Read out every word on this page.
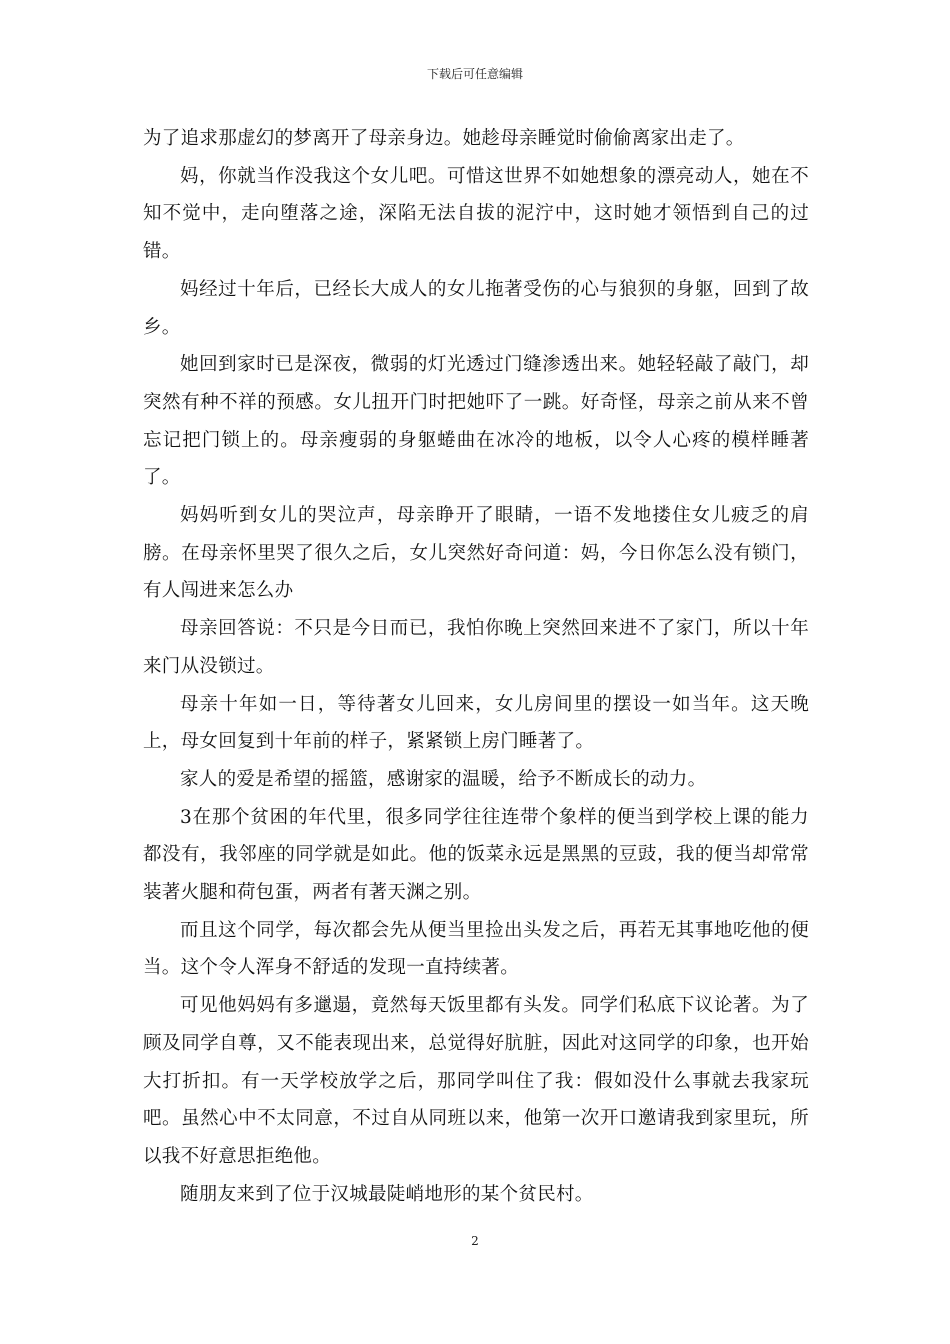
下载后可任意编辑

为了追求那虚幻的梦离开了母亲身边。她趁母亲睡觉时偷偷离家出走了。

妈，你就当作没我这个女儿吧。可惜这世界不如她想象的漂亮动人，她在不知不觉中，走向堕落之途，深陷无法自拔的泥泞中，这时她才领悟到自己的过错。

妈经过十年后，已经长大成人的女儿拖著受伤的心与狼狈的身躯，回到了故乡。

她回到家时已是深夜，微弱的灯光透过门缝渗透出来。她轻轻敲了敲门，却突然有种不祥的预感。女儿扭开门时把她吓了一跳。好奇怪，母亲之前从来不曾忘记把门锁上的。母亲瘦弱的身躯蜷曲在冰冷的地板，以令人心疼的模样睡著了。

妈妈听到女儿的哭泣声，母亲睁开了眼睛，一语不发地搂住女儿疲乏的肩膀。在母亲怀里哭了很久之后，女儿突然好奇问道：妈，今日你怎么没有锁门，有人闯进来怎么办

母亲回答说：不只是今日而已，我怕你晚上突然回来进不了家门，所以十年来门从没锁过。

母亲十年如一日，等待著女儿回来，女儿房间里的摆设一如当年。这天晚上，母女回复到十年前的样子，紧紧锁上房门睡著了。

家人的爱是希望的摇篮，感谢家的温暖，给予不断成长的动力。

3在那个贫困的年代里，很多同学往往连带个象样的便当到学校上课的能力都没有，我邻座的同学就是如此。他的饭菜永远是黑黑的豆豉，我的便当却常常装著火腿和荷包蛋，两者有著天渊之别。

而且这个同学，每次都会先从便当里捡出头发之后，再若无其事地吃他的便当。这个令人浑身不舒适的发现一直持续著。

可见他妈妈有多邋遢，竟然每天饭里都有头发。同学们私底下议论著。为了顾及同学自尊，又不能表现出来，总觉得好肮脏，因此对这同学的印象，也开始大打折扣。有一天学校放学之后，那同学叫住了我：假如没什么事就去我家玩吧。虽然心中不太同意，不过自从同班以来，他第一次开口邀请我到家里玩，所以我不好意思拒绝他。

随朋友来到了位于汉城最陡峭地形的某个贫民村。

2
